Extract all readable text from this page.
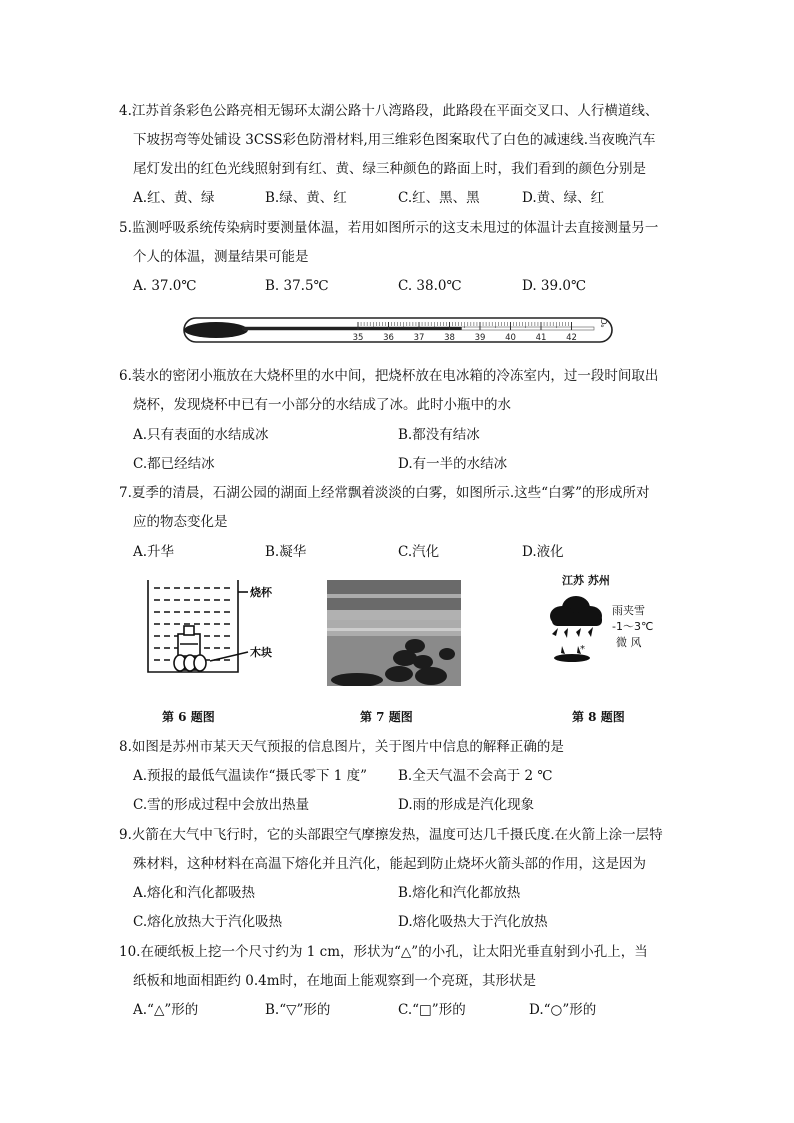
4.江苏首条彩色公路亮相无锡环太湖公路十八湾路段，此路段在平面交叉口、人行横道线、
下坡拐弯等处铺设 3CSS彩色防滑材料,用三维彩色图案取代了白色的减速线.当夜晚汽车
尾灯发出的红色光线照射到有红、黄、绿三种颜色的路面上时，我们看到的颜色分别是
A.红、黄、绿	B.绿、黄、红	C.红、黑、黑	D.黄、绿、红
5.监测呼吸系统传染病时要测量体温，若用如图所示的这支未甩过的体温计去直接测量另一
个人的体温，测量结果可能是
A. 37.0℃	B. 37.5℃	C. 38.0℃	D. 39.0℃
35 36 37 38 39 40 41 42
℃
6.装水的密闭小瓶放在大烧杯里的水中间，把烧杯放在电冰箱的冷冻室内，过一段时间取出
烧杯，发现烧杯中已有一小部分的水结成了冰。此时小瓶中的水
A.只有表面的水结成冰	B.都没有结冰
C.都已经结冰	D.有一半的水结冰
7.夏季的清晨，石湖公园的湖面上经常飘着淡淡的白雾，如图所示.这些“白雾”的形成所对
应的物态变化是
A.升华	B.凝华	C.汽化	D.液化
烧杯
木块
江苏 苏州
*
雨夹雪
-1～3℃
微 风
第 6 题图	第 7 题图	第 8 题图
8.如图是苏州市某天天气预报的信息图片，关于图片中信息的解释正确的是
A.预报的最低气温读作“摄氏零下 1 度” B.全天气温不会高于 2 ℃
C.雪的形成过程中会放出热量	D.雨的形成是汽化现象
9.火箭在大气中飞行时，它的头部跟空气摩擦发热，温度可达几千摄氏度.在火箭上涂一层特
殊材料，这种材料在高温下熔化并且汽化，能起到防止烧坏火箭头部的作用，这是因为
A.熔化和汽化都吸热	B.熔化和汽化都放热
C.熔化放热大于汽化吸热	D.熔化吸热大于汽化放热
10.在硬纸板上挖一个尺寸约为 1 cm，形状为“△”的小孔，让太阳光垂直射到小孔上，当
纸板和地面相距约 0.4m时，在地面上能观察到一个亮斑，其形状是
A.“△”形的	B.“▽”形的	C.“□”形的	D.“○”形的
